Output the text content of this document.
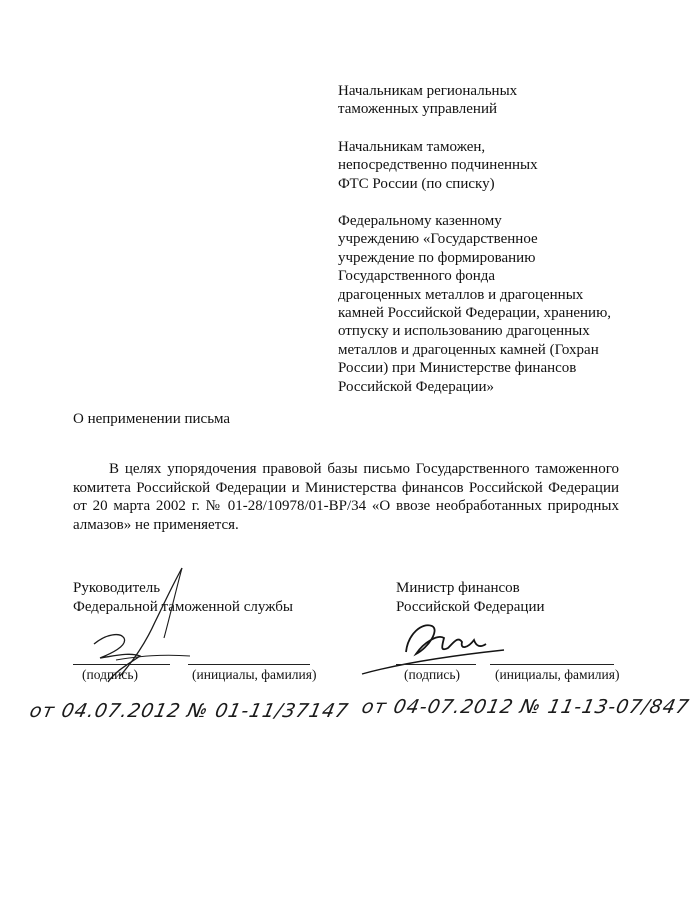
Начальникам региональных
таможенных управлений
Начальникам таможен,
непосредственно подчиненных
ФТС России (по списку)
Федеральному казенному
учреждению «Государственное
учреждение по формированию
Государственного фонда
драгоценных металлов и драгоценных
камней Российской Федерации, хранению,
отпуску и использованию драгоценных
металлов и драгоценных камней (Гохран
России) при Министерстве финансов
Российской Федерации»
О неприменении письма
В целях упорядочения правовой базы письмо Государственного таможенного
комитета Российской Федерации и Министерства финансов Российской Федерации
от 20 марта 2002 г. № 01-28/10978/01-ВР/34 «О ввозе необработанных природных
алмазов» не применяется.
Руководитель
Федеральной таможенной службы
(подпись)	(инициалы, фамилия)
от 04.07.2012 № 01-11/37147
Министр финансов
Российской Федерации
(подпись)	(инициалы, фамилия)
от 04-07.2012 № 11-13-07/847
